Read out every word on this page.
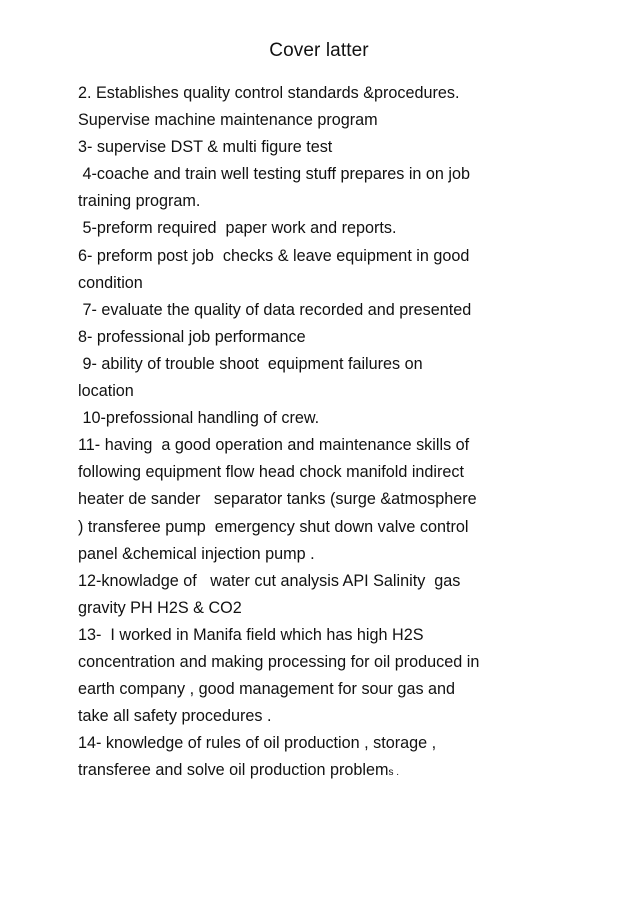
Cover latter

2. Establishes quality control standards &procedures.

Supervise machine maintenance program

3- supervise DST & multi figure test

4-coache and train well testing stuff prepares in on job

training program.

5-preform required  paper work and reports.

6- preform post job  checks & leave equipment in good

condition

7- evaluate the quality of data recorded and presented

8- professional job performance

9- ability of trouble shoot  equipment failures on

location

10-prefossional handling of crew.

11- having  a good operation and maintenance skills of

following equipment flow head chock manifold indirect

heater de sander   separator tanks (surge &atmosphere

) transferee pump  emergency shut down valve control

panel &chemical injection pump .

12-knowladge of   water cut analysis API Salinity  gas

gravity PH H2S & CO2

13-  I worked in Manifa field which has high H2S

concentration and making processing for oil produced in

earth company , good management for sour gas and

take all safety procedures .

14- knowledge of rules of oil production , storage ,

transferee and solve oil production problems .
